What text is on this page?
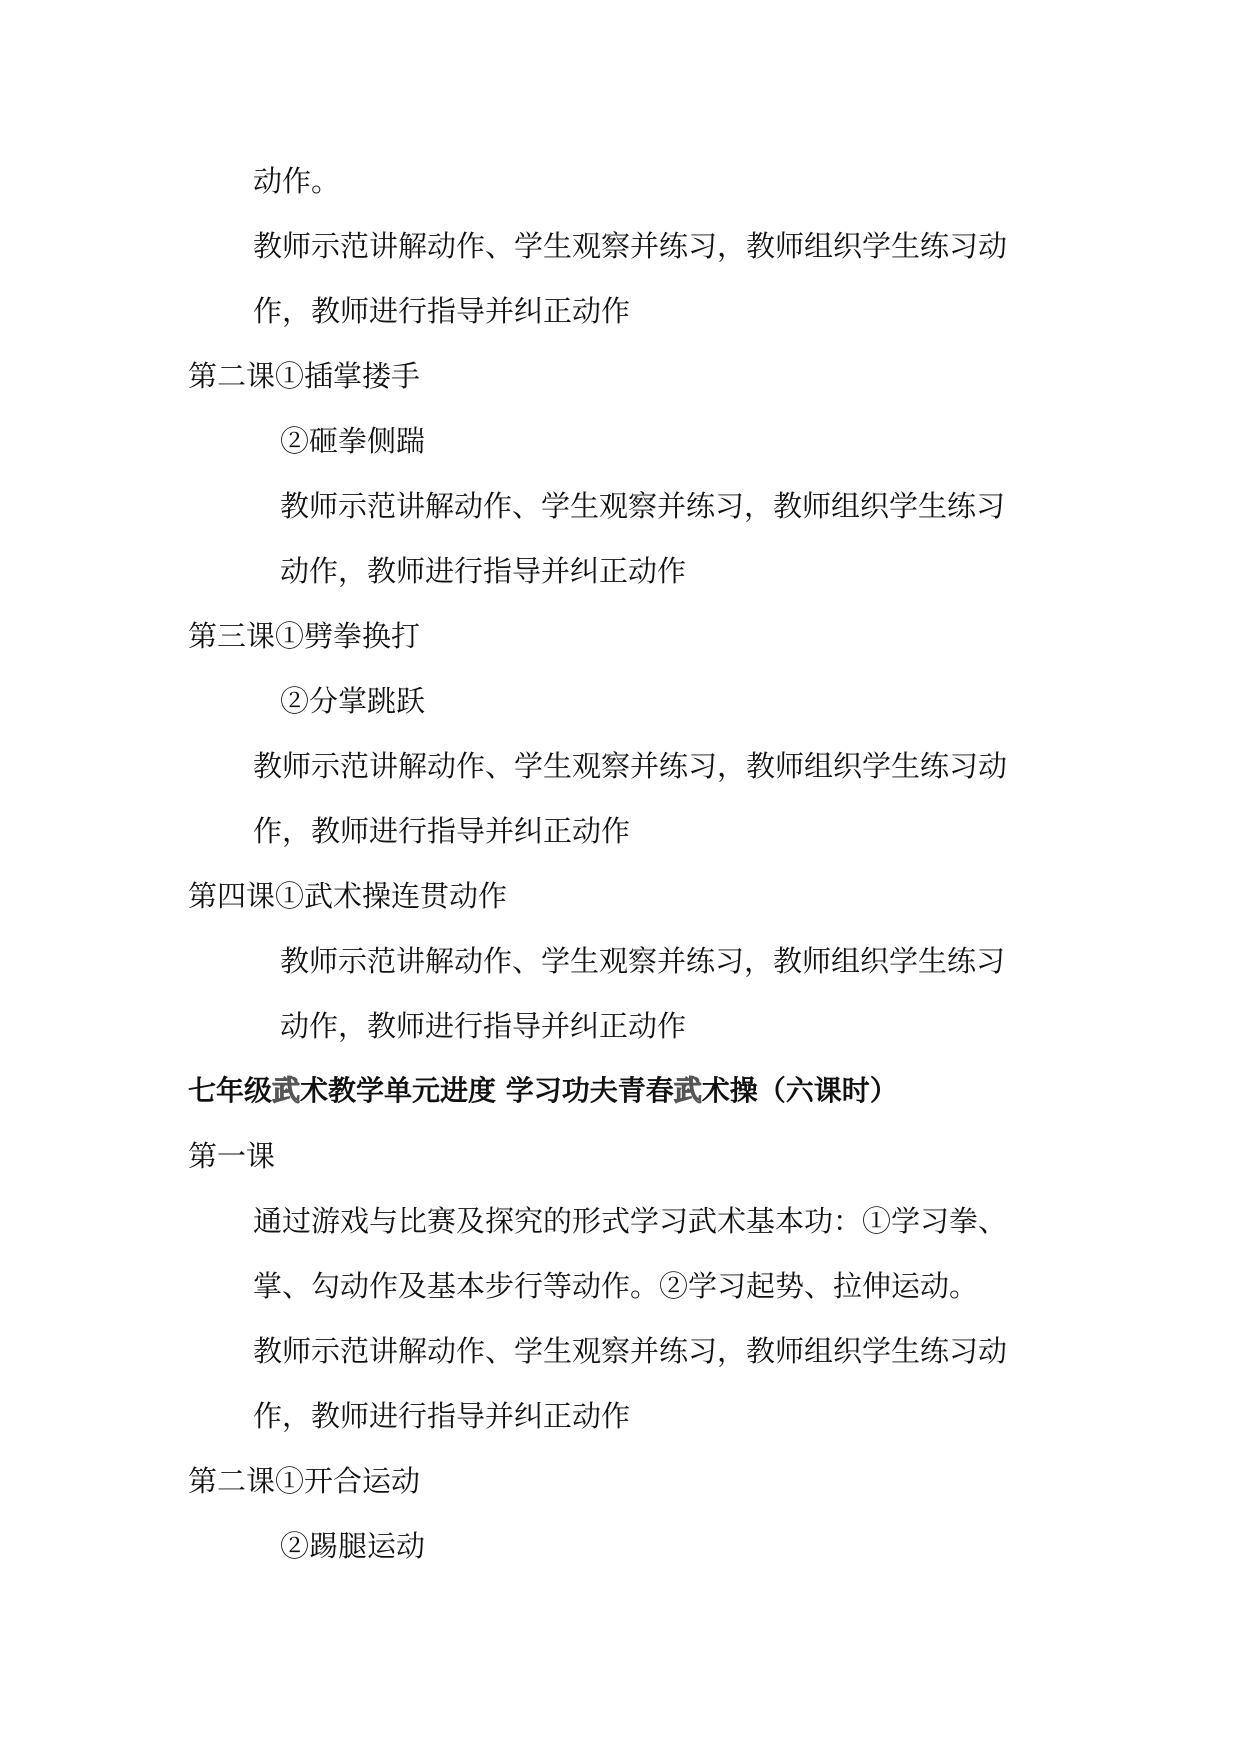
动作。

教师示范讲解动作、学生观察并练习，教师组织学生练习动

作，教师进行指导并纠正动作

第二课①插掌搂手

②砸拳侧踹

教师示范讲解动作、学生观察并练习，教师组织学生练习

动作，教师进行指导并纠正动作

第三课①劈拳换打

②分掌跳跃

教师示范讲解动作、学生观察并练习，教师组织学生练习动

作，教师进行指导并纠正动作

第四课①武术操连贯动作

教师示范讲解动作、学生观察并练习，教师组织学生练习

动作，教师进行指导并纠正动作

七年级武术教学单元进度 学习功夫青春武术操（六课时）

第一课

通过游戏与比赛及探究的形式学习武术基本功：①学习拳、

掌、勾动作及基本步行等动作。②学习起势、拉伸运动。

教师示范讲解动作、学生观察并练习，教师组织学生练习动

作，教师进行指导并纠正动作

第二课①开合运动

②踢腿运动
